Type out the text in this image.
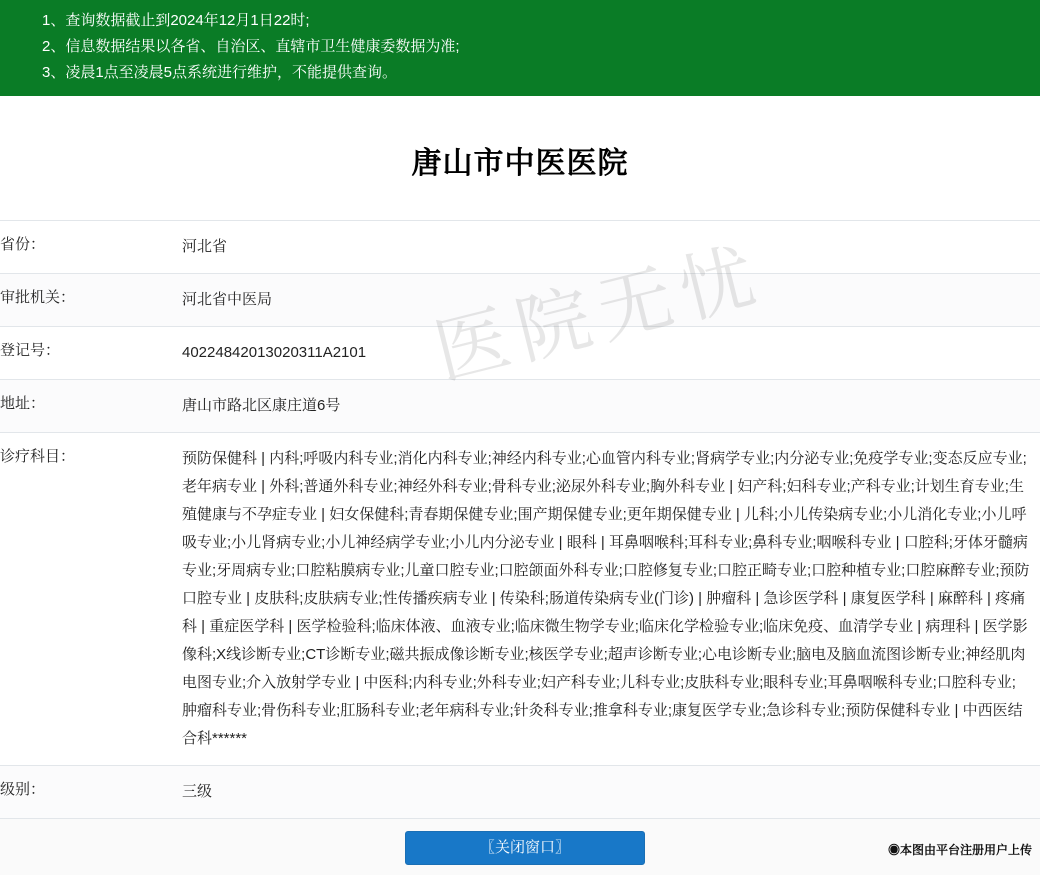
1、查询数据截止到2024年12月1日22时;
2、信息数据结果以各省、自治区、直辖市卫生健康委数据为准;
3、凌晨1点至凌晨5点系统进行维护，不能提供查询。
唐山市中医医院
医院无忧
省份：	河北省
审批机关：	河北省中医局
登记号：	40224842013020311A2101
地址：	唐山市路北区康庄道6号
诊疗科目：	预防保健科 | 内科;呼吸内科专业;消化内科专业;神经内科专业;心血管内科专业;肾病学专业;内分泌专业;免疫学专业;变态反应专业;老年病专业 | 外科;普通外科专业;神经外科专业;骨科专业;泌尿外科专业;胸外科专业 | 妇产科;妇科专业;产科专业;计划生育专业;生殖健康与不孕症专业 | 妇女保健科;青春期保健专业;围产期保健专业;更年期保健专业 | 儿科;小儿传染病专业;小儿消化专业;小儿呼吸专业;小儿肾病专业;小儿神经病学专业;小儿内分泌专业 | 眼科 | 耳鼻咽喉科;耳科专业;鼻科专业;咽喉科专业 | 口腔科;牙体牙髓病专业;牙周病专业;口腔粘膜病专业;儿童口腔专业;口腔颌面外科专业;口腔修复专业;口腔正畸专业;口腔种植专业;口腔麻醉专业;预防口腔专业 | 皮肤科;皮肤病专业;性传播疾病专业 | 传染科;肠道传染病专业(门诊) | 肿瘤科 | 急诊医学科 | 康复医学科 | 麻醉科 | 疼痛科 | 重症医学科 | 医学检验科;临床体液、血液专业;临床微生物学专业;临床化学检验专业;临床免疫、血清学专业 | 病理科 | 医学影像科;X线诊断专业;CT诊断专业;磁共振成像诊断专业;核医学专业;超声诊断专业;心电诊断专业;脑电及脑血流图诊断专业;神经肌肉电图专业;介入放射学专业 | 中医科;内科专业;外科专业;妇产科专业;儿科专业;皮肤科专业;眼科专业;耳鼻咽喉科专业;口腔科专业;肿瘤科专业;骨伤科专业;肛肠科专业;老年病科专业;针灸科专业;推拿科专业;康复医学专业;急诊科专业;预防保健科专业 | 中西医结合科******
级别：	三级
〖关闭窗口〗	◉本图由平台注册用户上传
